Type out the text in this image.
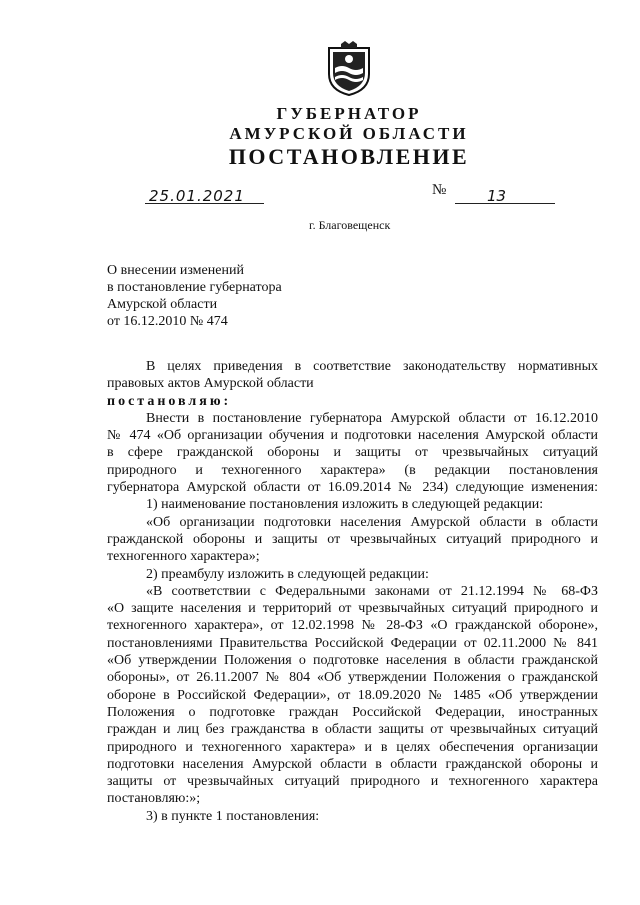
ГУБЕРНАТОР
АМУРСКОЙ ОБЛАСТИ
ПОСТАНОВЛЕНИЕ
25.01.2021	№	13
г. Благовещенск
О внесении изменений
в постановление губернатора
Амурской области
от 16.12.2010 № 474

В целях приведения в соответствие законодательству нормативных

правовых актов Амурской области

постановляю:

Внести в постановление губернатора Амурской области от 16.12.2010

№ 474 «Об организации обучения и подготовки населения Амурской области

в сфере гражданской обороны и защиты от чрезвычайных ситуаций

природного и техногенного характера» (в редакции постановления

губернатора Амурской области от 16.09.2014 № 234) следующие изменения:

1) наименование постановления изложить в следующей редакции:

«Об организации подготовки населения Амурской области в области

гражданской обороны и защиты от чрезвычайных ситуаций природного и

техногенного характера»;

2) преамбулу изложить в следующей редакции:

«В соответствии с Федеральными законами от 21.12.1994 № 68-ФЗ

«О защите населения и территорий от чрезвычайных ситуаций природного и

техногенного характера», от 12.02.1998 № 28-ФЗ «О гражданской обороне»,

постановлениями Правительства Российской Федерации от 02.11.2000 № 841

«Об утверждении Положения о подготовке населения в области гражданской

обороны», от 26.11.2007 № 804 «Об утверждении Положения о гражданской

обороне в Российской Федерации», от 18.09.2020 № 1485 «Об утверждении

Положения о подготовке граждан Российской Федерации, иностранных

граждан и лиц без гражданства в области защиты от чрезвычайных ситуаций

природного и техногенного характера» и в целях обеспечения организации

подготовки населения Амурской области в области гражданской обороны и

защиты от чрезвычайных ситуаций природного и техногенного характера

постановляю:»;

3) в пункте 1 постановления:
